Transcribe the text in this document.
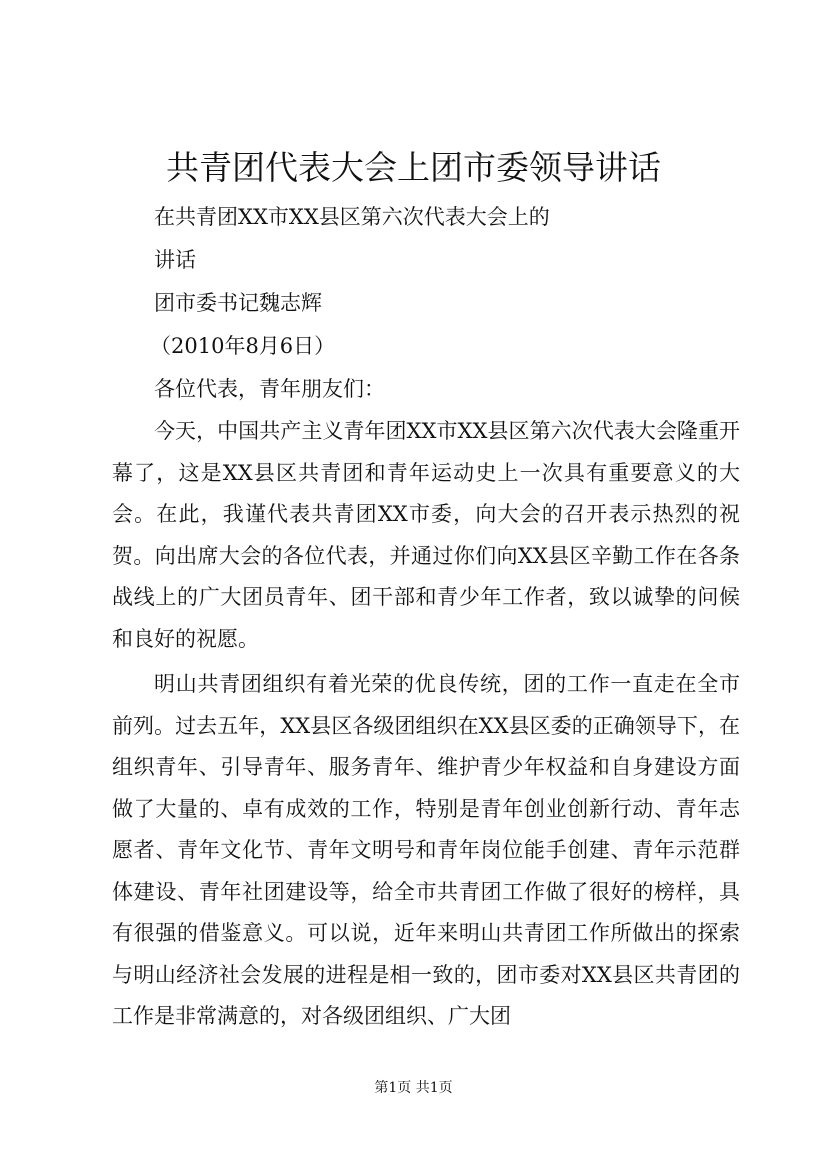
共青团代表大会上团市委领导讲话

在共青团XX市XX县区第六次代表大会上的

讲话

团市委书记魏志辉

（2010年8月6日）

各位代表，青年朋友们：

今天，中国共产主义青年团XX市XX县区第六次代表大会隆重开幕了，这是XX县区共青团和青年运动史上一次具有重要意义的大会。在此，我谨代表共青团XX市委，向大会的召开表示热烈的祝贺。向出席大会的各位代表，并通过你们向XX县区辛勤工作在各条战线上的广大团员青年、团干部和青少年工作者，致以诚挚的问候和良好的祝愿。

明山共青团组织有着光荣的优良传统，团的工作一直走在全市前列。过去五年，XX县区各级团组织在XX县区委的正确领导下，在组织青年、引导青年、服务青年、维护青少年权益和自身建设方面做了大量的、卓有成效的工作，特别是青年创业创新行动、青年志愿者、青年文化节、青年文明号和青年岗位能手创建、青年示范群体建设、青年社团建设等，给全市共青团工作做了很好的榜样，具有很强的借鉴意义。可以说，近年来明山共青团工作所做出的探索与明山经济社会发展的进程是相一致的，团市委对XX县区共青团的工作是非常满意的，对各级团组织、广大团

第1页 共1页
